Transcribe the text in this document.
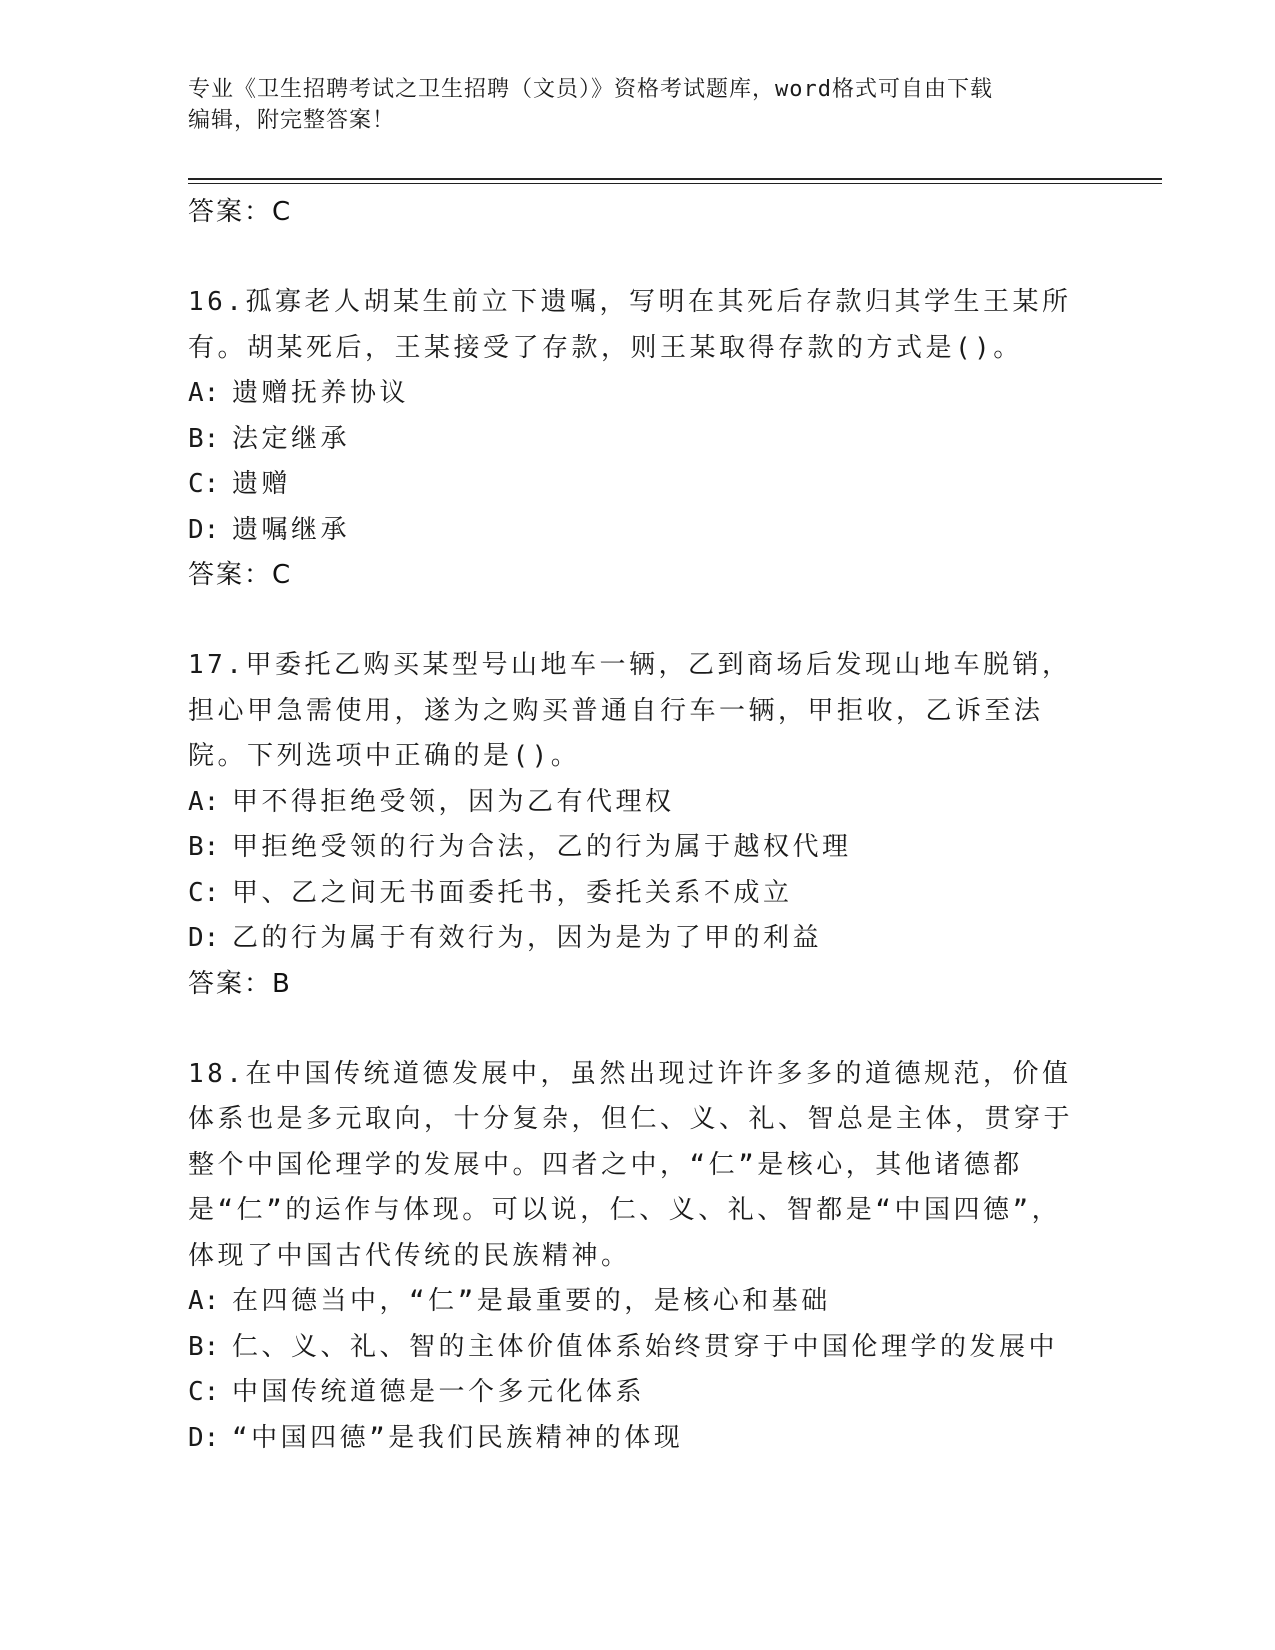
专业《卫生招聘考试之卫生招聘（文员）》资格考试题库，word格式可自由下载
编辑，附完整答案！
答案：C
16.孤寡老人胡某生前立下遗嘱，写明在其死后存款归其学生王某所有。胡某死后，王某接受了存款，则王某取得存款的方式是()。
A: 遗赠抚养协议
B: 法定继承
C: 遗赠
D: 遗嘱继承
答案：C
17.甲委托乙购买某型号山地车一辆，乙到商场后发现山地车脱销，担心甲急需使用，遂为之购买普通自行车一辆，甲拒收，乙诉至法院。下列选项中正确的是()。
A: 甲不得拒绝受领，因为乙有代理权
B: 甲拒绝受领的行为合法，乙的行为属于越权代理
C: 甲、乙之间无书面委托书，委托关系不成立
D: 乙的行为属于有效行为，因为是为了甲的利益
答案：B
18.在中国传统道德发展中，虽然出现过许许多多的道德规范，价值体系也是多元取向，十分复杂，但仁、义、礼、智总是主体，贯穿于整个中国伦理学的发展中。四者之中，“仁”是核心，其他诸德都是“仁”的运作与体现。可以说，仁、义、礼、智都是“中国四德”，体现了中国古代传统的民族精神。
A: 在四德当中，“仁”是最重要的，是核心和基础
B: 仁、义、礼、智的主体价值体系始终贯穿于中国伦理学的发展中
C: 中国传统道德是一个多元化体系
D: “中国四德”是我们民族精神的体现
